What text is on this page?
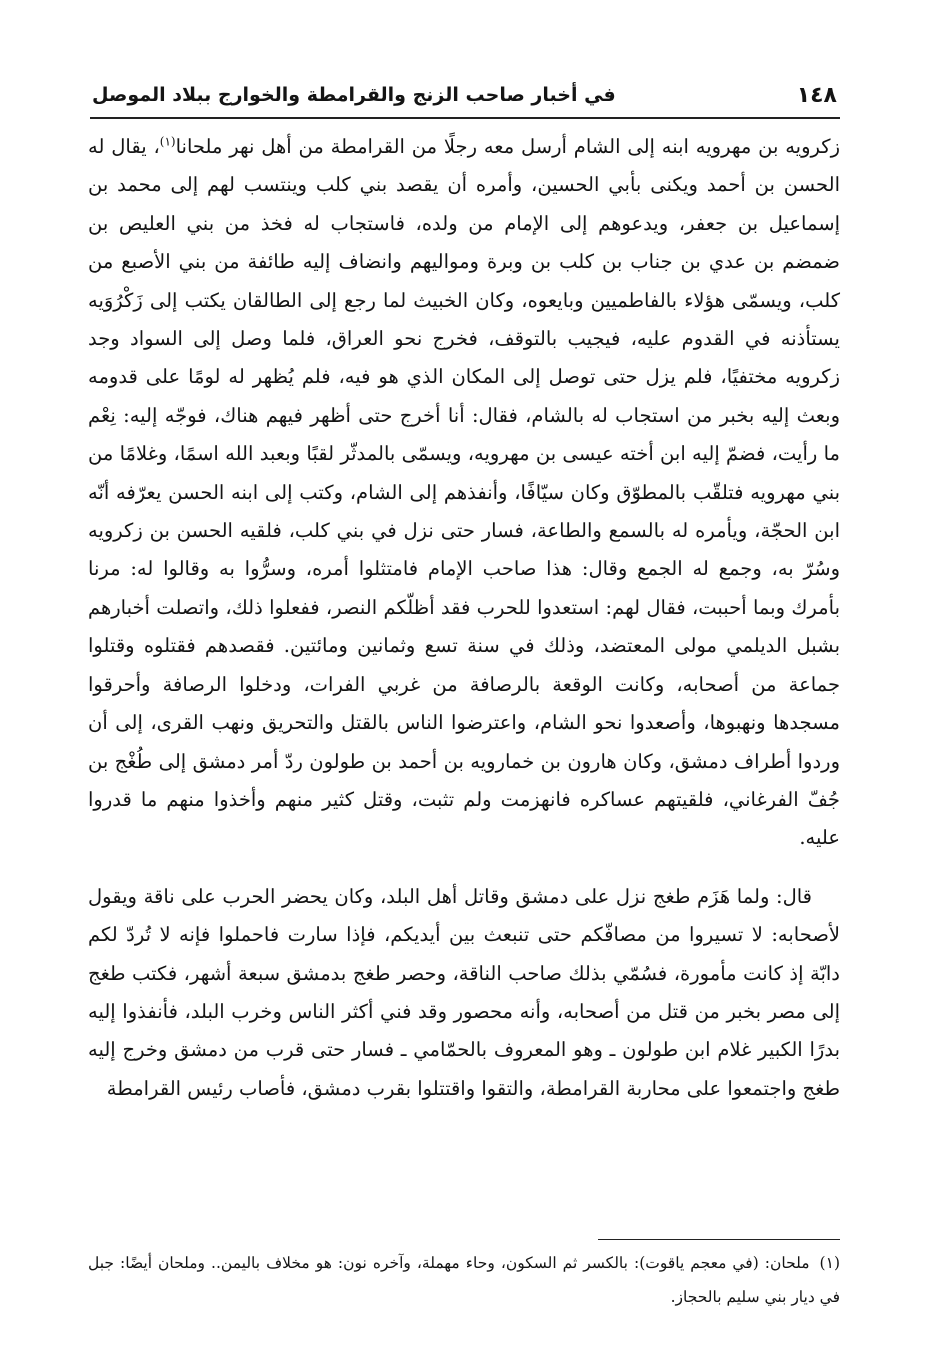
١٤٨
في أخبار صاحب الزنج والقرامطة والخوارج ببلاد الموصل

زكرويه بن مهرويه ابنه إلى الشام أرسل معه رجلًا من القرامطة من أهل نهر ملحانا$^{(١)}$، يقال له الحسن بن أحمد ويكنى بأبي الحسين، وأمره أن يقصد بني كلب وينتسب لهم إلى محمد بن إسماعيل بن جعفر، ويدعوهم إلى الإمام من ولده، فاستجاب له فخذ من بني العليص بن ضمضم بن عدي بن جناب بن كلب بن وبرة ومواليهم وانضاف إليه طائفة من بني الأصبع من كلب، ويسمّى هؤلاء بالفاطميين وبايعوه، وكان الخبيث لما رجع إلى الطالقان يكتب إلى زَكْرُوَيه يستأذنه في القدوم عليه، فيجيب بالتوقف، فخرج نحو العراق، فلما وصل إلى السواد وجد زكرويه مختفيًا، فلم يزل حتى توصل إلى المكان الذي هو فيه، فلم يُظهر له لومًا على قدومه وبعث إليه بخبر من استجاب له بالشام، فقال: أنا أخرج حتى أظهر فيهم هناك، فوجّه إليه: نِعْم ما رأيت، فضمّ إليه ابن أخته عيسى بن مهرويه، ويسمّى بالمدثّر لقبًا وبعبد الله اسمًا، وغلامًا من بني مهرويه فتلقّب بالمطوّق وكان سيّافًا، وأنفذهم إلى الشام، وكتب إلى ابنه الحسن يعرّفه أنّه ابن الحجّة، ويأمره له بالسمع والطاعة، فسار حتى نزل في بني كلب، فلقيه الحسن بن زكرويه وسُرّ به، وجمع له الجمع وقال: هذا صاحب الإمام فامتثلوا أمره، وسرُّوا به وقالوا له: مرنا بأمرك وبما أحببت، فقال لهم: استعدوا للحرب فقد أظلّكم النصر، ففعلوا ذلك، واتصلت أخبارهم بشبل الديلمي مولى المعتضد، وذلك في سنة تسع وثمانين ومائتين. فقصدهم فقتلوه وقتلوا جماعة من أصحابه، وكانت الوقعة بالرصافة من غربي الفرات، ودخلوا الرصافة وأحرقوا مسجدها ونهبوها، وأصعدوا نحو الشام، واعترضوا الناس بالقتل والتحريق ونهب القرى، إلى أن وردوا أطراف دمشق، وكان هارون بن خمارويه بن أحمد بن طولون ردّ أمر دمشق إلى طُغْج بن جُفّ الفرغاني، فلقيتهم عساكره فانهزمت ولم تثبت، وقتل كثير منهم وأخذوا منهم ما قدروا عليه.

قال: ولما هَزَم طغج نزل على دمشق وقاتل أهل البلد، وكان يحضر الحرب على ناقة ويقول لأصحابه: لا تسيروا من مصافّكم حتى تنبعث بين أيديكم، فإذا سارت فاحملوا فإنه لا تُردّ لكم دابّة إذ كانت مأمورة، فسُمّي بذلك صاحب الناقة، وحصر طغج بدمشق سبعة أشهر، فكتب طغج إلى مصر بخبر من قتل من أصحابه، وأنه محصور وقد فني أكثر الناس وخرب البلد، فأنفذوا إليه بدرًا الكبير غلام ابن طولون ـ وهو المعروف بالحمّامي ـ فسار حتى قرب من دمشق وخرج إليه طغج واجتمعوا على محاربة القرامطة، والتقوا واقتتلوا بقرب دمشق، فأصاب رئيس القرامطة

(١)ملحان: (في معجم ياقوت): بالكسر ثم السكون، وحاء مهملة، وآخره نون: هو مخلاف باليمن.. وملحان أيضًا: جبل في ديار بني سليم بالحجاز.
